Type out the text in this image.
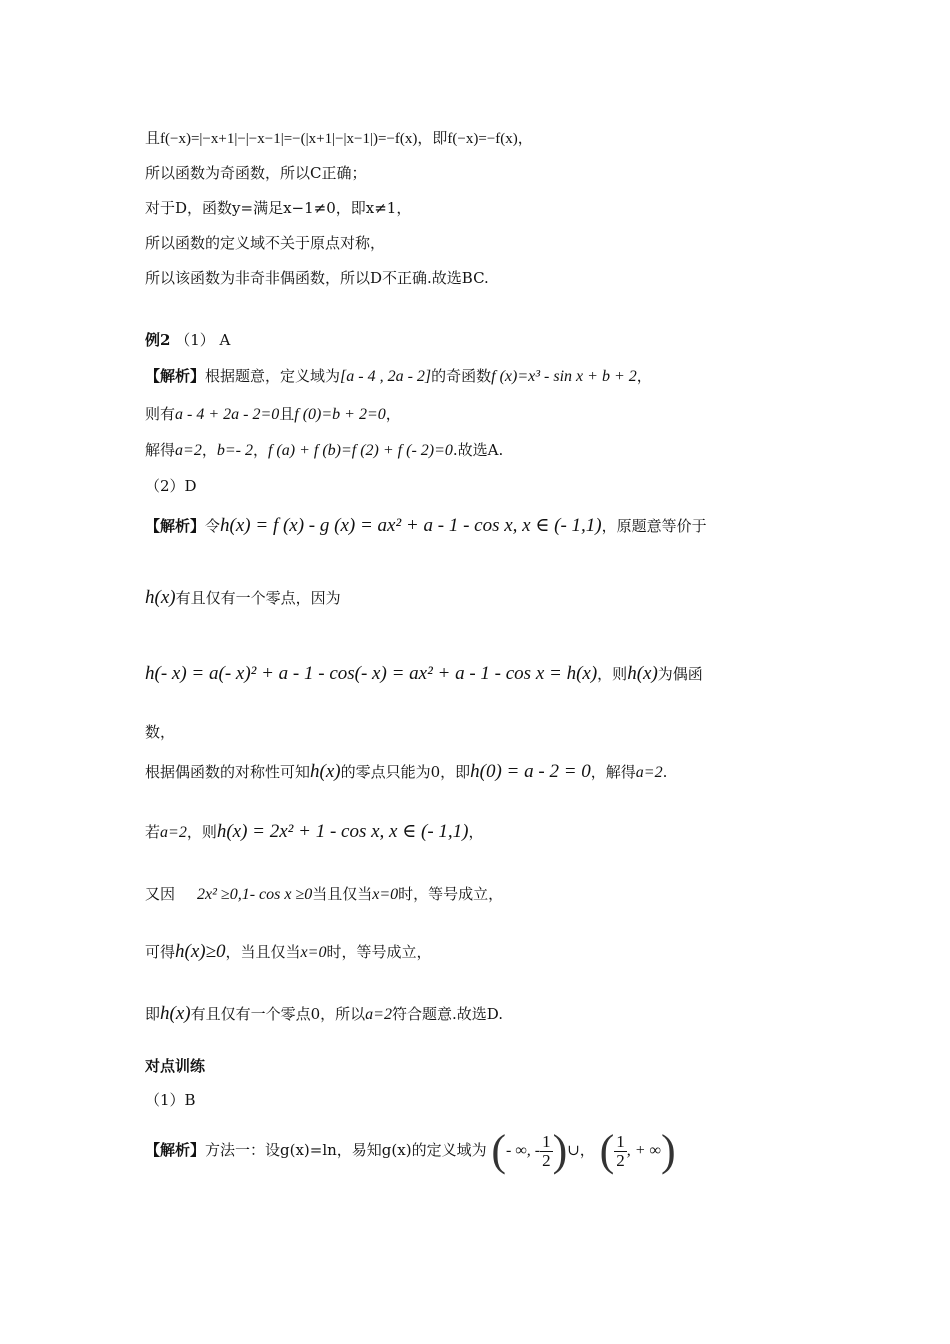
且f(−x)=|−x+1|−|−x−1|=−(|x+1|−|x−1|)=−f(x)，即f(−x)=−f(x)，
所以函数为奇函数，所以C正确；
对于D，函数y=满足x−1≠0，即x≠1，
所以函数的定义域不关于原点对称，
所以该函数为非奇非偶函数，所以D不正确.故选BC.
例2 （1） A
【解析】根据题意，定义域为[a - 4 , 2a - 2]的奇函数f (x)=x³ - sin x + b + 2，
则有a - 4 + 2a - 2=0且f (0)=b + 2=0，
解得a=2，b=- 2，f (a) + f (b)=f (2) + f (- 2)=0.故选A.
（2）D
【解析】令h(x) = f (x) - g (x) = ax² + a - 1 - cos x, x ∈ (- 1,1)，原题意等价于
h(x)有且仅有一个零点，因为
h(- x) = a(- x)² + a - 1 - cos(- x) = ax² + a - 1 - cos x = h(x)，则h(x)为偶函
数，
根据偶函数的对称性可知h(x)的零点只能为0，即h(0) = a - 2 = 0，解得a=2.
若a=2，则h(x) = 2x² + 1 - cos x, x ∈ (- 1,1)，
又因 2x² ≥0,1- cos x ≥0当且仅当x=0时，等号成立，
可得h(x)≥0，当且仅当x=0时，等号成立，
即h(x)有且仅有一个零点0，所以a=2符合题意.故选D.
对点训练
（1）B
【解析】方法一：设g(x)=ln，易知g(x)的定义域为 (- ∞, - $\frac{1}{2}$ )∪， ( $\frac{1}{2}$ , + ∞)
